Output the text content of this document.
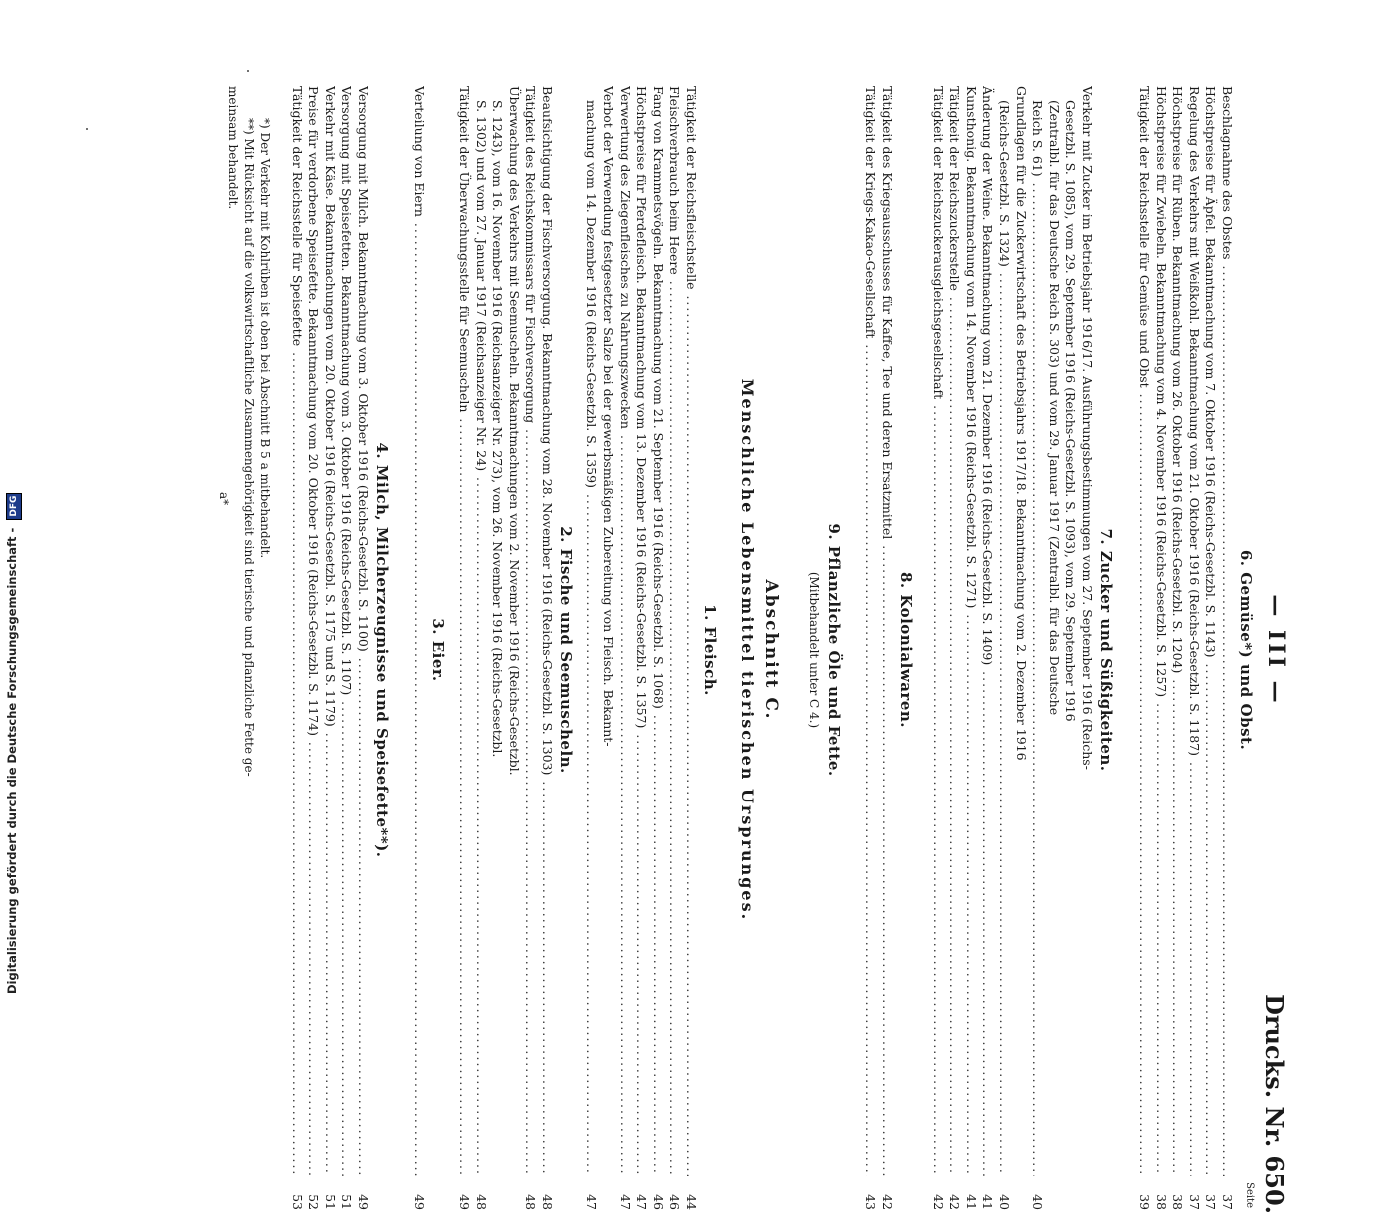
— III —
Drucks. Nr. 650.
Seite
6. Gemüse*) und Obst.
Beschlagnahme des Obstes .....
37
Höchstpreise für Äpfel. Bekanntmachung vom 7. Oktober 1916 (Reichs-Gesetzbl. S. 1143) .....
37
Regelung des Verkehrs mit Weißkohl. Bekanntmachung vom 21. Oktober 1916 (Reichs-Gesetzbl. S. 1187) .....
37
Höchstpreise für Rüben. Bekanntmachung vom 26. Oktober 1916 (Reichs-Gesetzbl. S. 1204) .....
38
Höchstpreise für Zwiebeln. Bekanntmachung vom 4. November 1916 (Reichs-Gesetzbl. S. 1257) .....
38
Tätigkeit der Reichsstelle für Gemüse und Obst .....
39
7. Zucker und Süßigkeiten.
Verkehr mit Zucker im Betriebsjahr 1916/17. Ausführungsbestimmungen vom 27. September 1916 (Reichs-
Gesetzbl. S. 1085), vom 29. September 1916 (Reichs-Gesetzbl. S. 1093), vom 29. September 1916
(Zentralbl. für das Deutsche Reich S. 303) und vom 29. Januar 1917 (Zentralbl. für das Deutsche
Reich S. 61) .....
40
Grundlagen für die Zuckerwirtschaft des Betriebsjahrs 1917/18. Bekanntmachung vom 2. Dezember 1916
(Reichs-Gesetzbl. S. 1324) .....
40
Änderung der Weine. Bekanntmachung vom 21. Dezember 1916 (Reichs-Gesetzbl. S. 1409) .....
41
Kunsthonig. Bekanntmachung vom 14. November 1916 (Reichs-Gesetzbl. S. 1271) .....
41
Tätigkeit der Reichszuckerstelle .....
42
Tätigkeit der Reichszuckerausgleichsgesellschaft .....
42
8. Kolonialwaren.
Tätigkeit des Kriegsausschusses für Kaffee, Tee und deren Ersatzmittel .....
42
Tätigkeit der Kriegs-Kakao-Gesellschaft .....
43
9. Pflanzliche Öle und Fette.
(Mitbehandelt unter C 4.)
Abschnitt C.
Menschliche Lebensmittel tierischen Ursprunges.
1. Fleisch.
Tätigkeit der Reichsfleischstelle .....
44
Fleischverbrauch beim Heere .....
46
Fang von Krammetsvögeln. Bekanntmachung vom 21. September 1916 (Reichs-Gesetzbl. S. 1068) .....
46
Höchstpreise für Pferdefleisch. Bekanntmachung vom 13. Dezember 1916 (Reichs-Gesetzbl. S. 1357) .....
47
Verwertung des Ziegenfleisches zu Nahrungszwecken .....
47
Verbot der Verwendung festgesetzter Salze bei der gewerbsmäßigen Zubereitung von Fleisch. Bekannt-
machung vom 14. Dezember 1916 (Reichs-Gesetzbl. S. 1359) .....
47
2. Fische und Seemuscheln.
Beaufsichtigung der Fischversorgung. Bekanntmachung vom 28. November 1916 (Reichs-Gesetzbl. S. 1303) .....
48
Tätigkeit des Reichskommissars für Fischversorgung .....
48
Überwachung des Verkehrs mit Seemuscheln. Bekanntmachungen vom 2. November 1916 (Reichs-Gesetzbl.
S. 1243), vom 16. November 1916 (Reichsanzeiger Nr. 273), vom 26. November 1916 (Reichs-Gesetzbl.
S. 1302) und vom 27. Januar 1917 (Reichsanzeiger Nr. 24) .....
48
Tätigkeit der Überwachungsstelle für Seemuscheln .....
49
3. Eier.
Verteilung von Eiern .....
49
4. Milch, Milcherzeugnisse und Speisefette**).
Versorgung mit Milch. Bekanntmachung vom 3. Oktober 1916 (Reichs-Gesetzbl. S. 1100) .....
49
Versorgung mit Speisefetten. Bekanntmachung vom 3. Oktober 1916 (Reichs-Gesetzbl. S. 1107) .....
51
Verkehr mit Käse. Bekanntmachungen vom 20. Oktober 1916 (Reichs-Gesetzbl. S. 1175 und S. 1179) .....
51
Preise für verdorbene Speisefette. Bekanntmachung vom 20. Oktober 1916 (Reichs-Gesetzbl. S. 1174) .....
52
Tätigkeit der Reichsstelle für Speisefette .....
53
*) Der Verkehr mit Kohlrüben ist oben bei Abschnitt B 5 a mitbehandelt.
**) Mit Rücksicht auf die volkswirtschaftliche Zusammengehörigkeit sind tierische und pflanzliche Fette ge-
meinsam behandelt.
a*
Digitalisierung gefördert durch die Deutsche Forschungsgemeinschaft - DFG
